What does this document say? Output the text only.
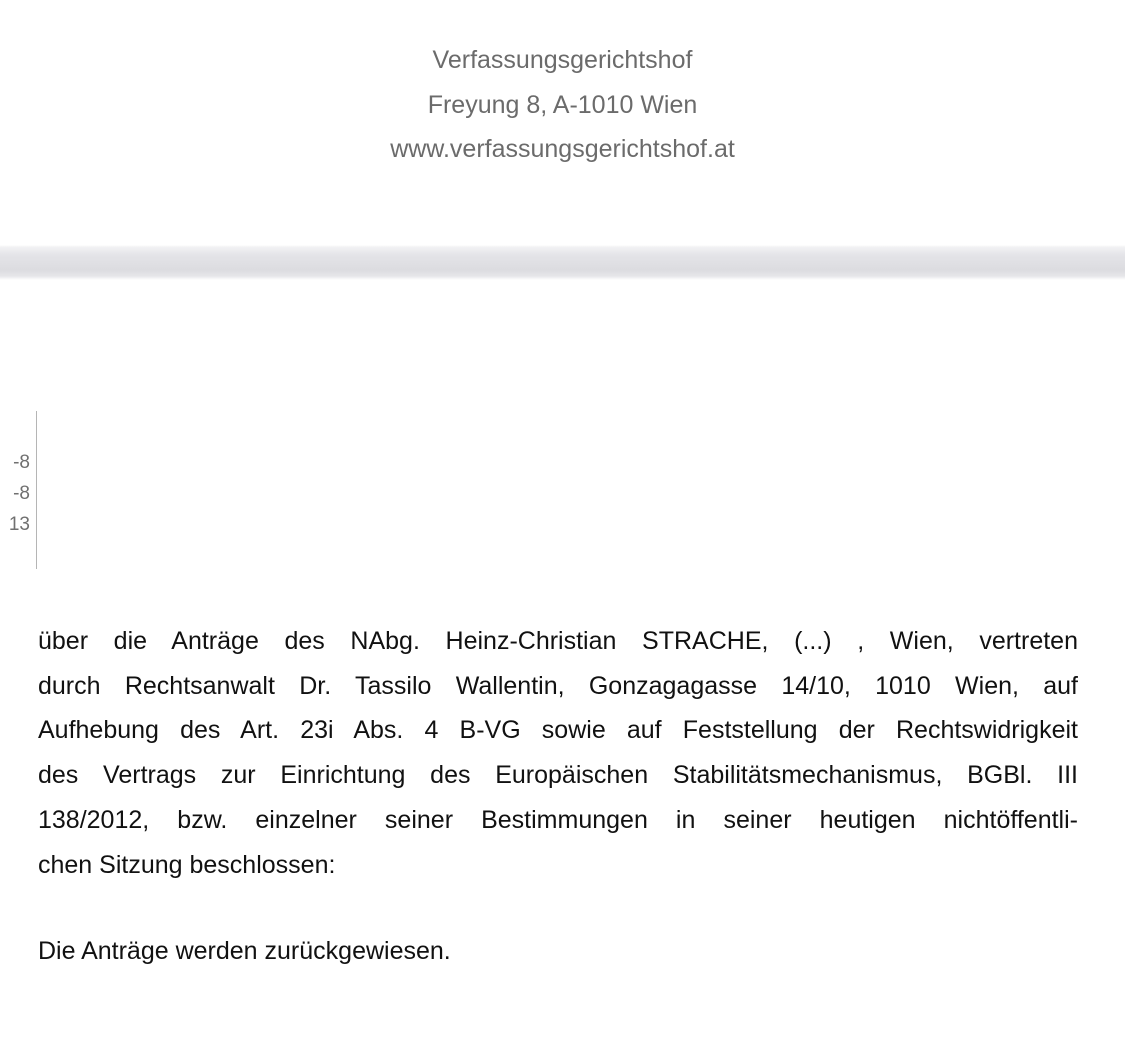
Verfassungsgerichtshof
Freyung 8, A-1010 Wien
www.verfassungsgerichtshof.at
-8
-8
13
über die Anträge des NAbg. Heinz-Christian STRACHE, (...) , Wien, vertreten
durch Rechtsanwalt Dr. Tassilo Wallentin, Gonzagagasse 14/10, 1010 Wien, auf
Aufhebung des Art. 23i Abs. 4 B-VG sowie auf Feststellung der Rechtswidrigkeit
des Vertrags zur Einrichtung des Europäischen Stabilitätsmechanismus, BGBl. III
138/2012, bzw. einzelner seiner Bestimmungen in seiner heutigen nichtöffentli-
chen Sitzung beschlossen:
Die Anträge werden zurückgewiesen.
